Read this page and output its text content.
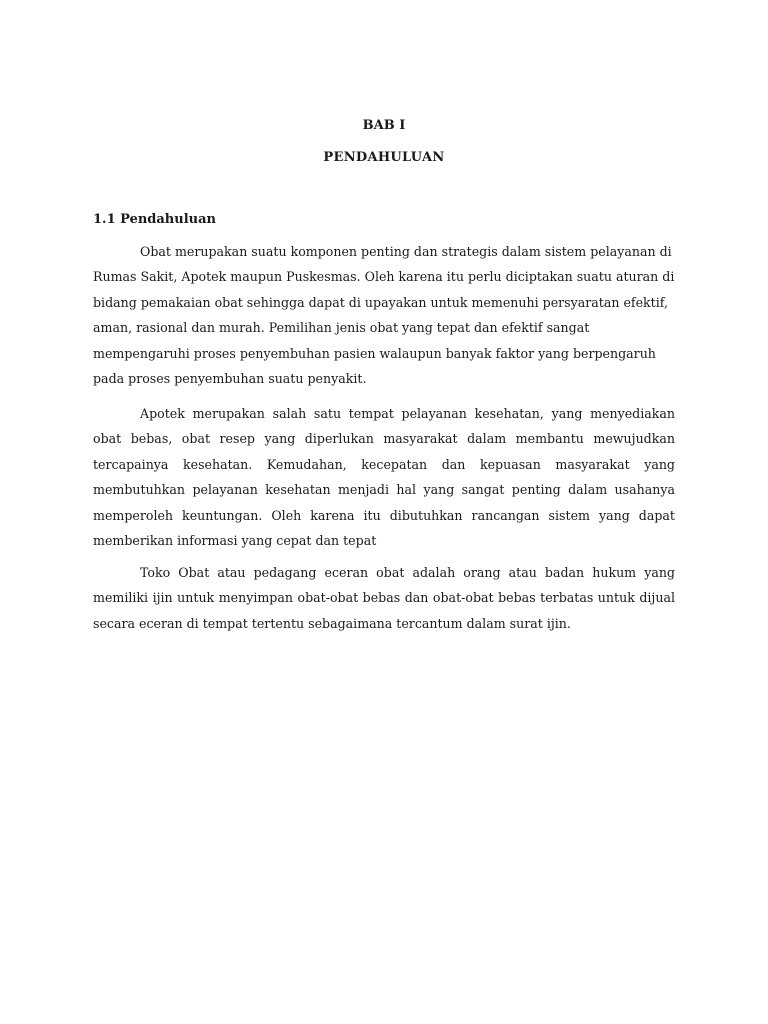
BAB I
PENDAHULUAN
1.1 Pendahuluan

Obat merupakan suatu komponen penting dan strategis dalam sistem pelayanan di Rumas Sakit, Apotek maupun Puskesmas. Oleh karena itu perlu diciptakan suatu aturan di bidang pemakaian obat sehingga dapat di upayakan untuk memenuhi persyaratan efektif, aman, rasional dan murah. Pemilihan jenis obat yang tepat dan efektif sangat mempengaruhi proses penyembuhan pasien walaupun banyak faktor yang berpengaruh pada proses penyembuhan suatu penyakit.

Apotek merupakan salah satu tempat pelayanan kesehatan, yang menyediakan obat bebas, obat resep yang diperlukan masyarakat dalam membantu mewujudkan tercapainya kesehatan. Kemudahan, kecepatan dan kepuasan masyarakat yang membutuhkan pelayanan kesehatan menjadi hal yang sangat penting dalam usahanya memperoleh keuntungan. Oleh karena itu dibutuhkan rancangan sistem yang dapat memberikan informasi yang cepat dan tepat

Toko Obat atau pedagang eceran obat adalah orang atau badan hukum yang memiliki ijin untuk menyimpan obat-obat bebas dan obat-obat bebas terbatas untuk dijual secara eceran di tempat tertentu sebagaimana tercantum dalam surat ijin.
